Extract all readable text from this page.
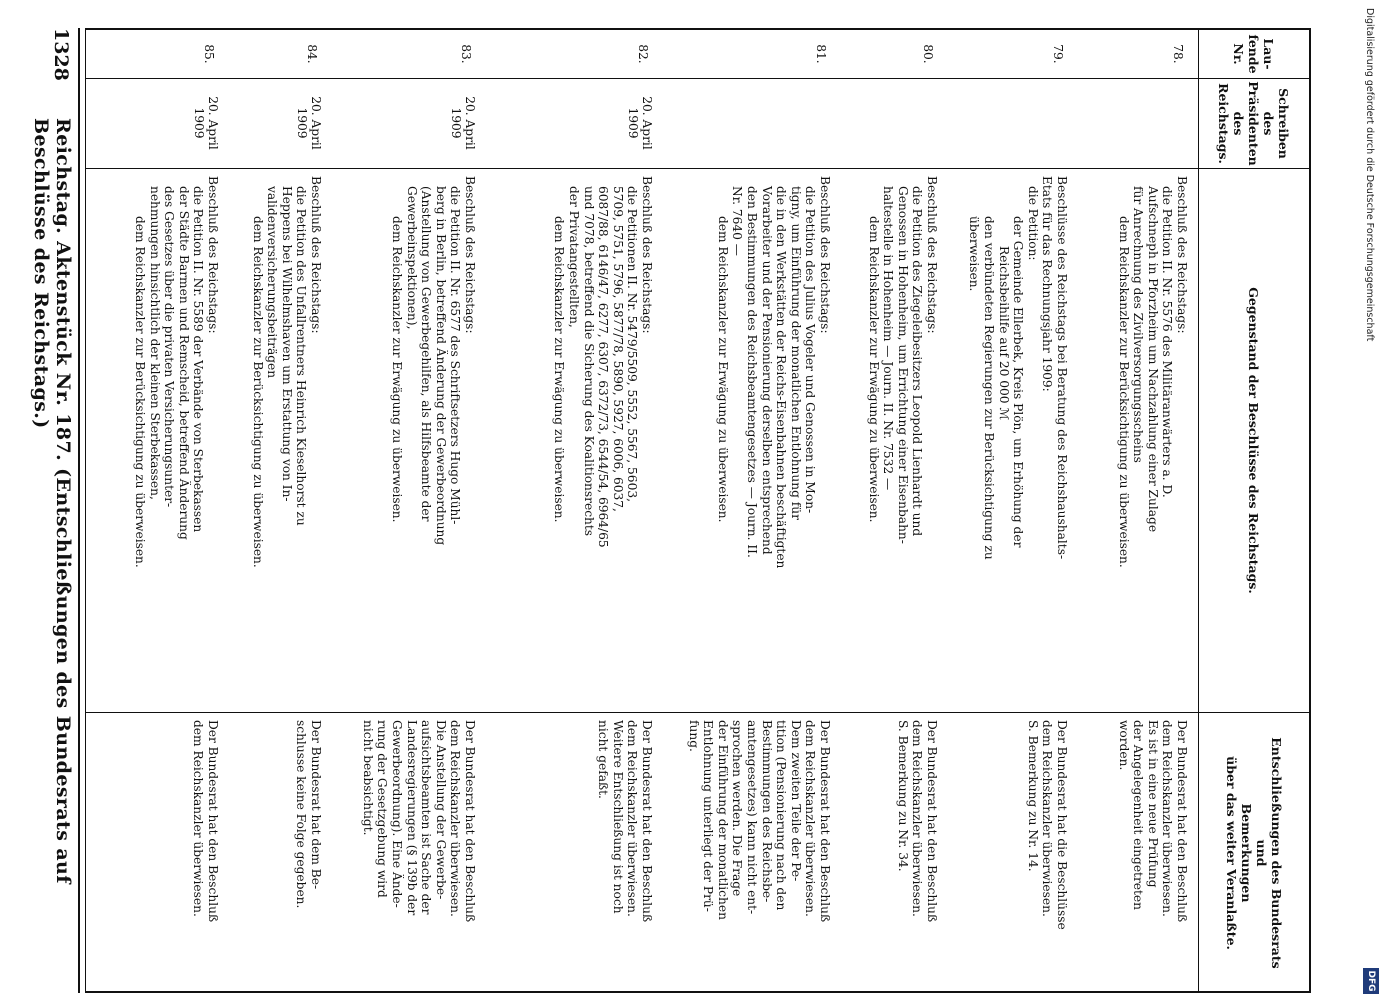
Digitalisierung gefördert durch die Deutsche Forschungsgemeinschaft
DFG
Lau-
fende
Nr.
Schreiben
des
Präsidenten
des
Reichstags.
Gegenstand der Beschlüsse des Reichstags.
Entschließungen des Bundesrats
und
Bemerkungen
über das weiter Veranlaßte.
78.
Beschluß des Reichstags:
die Petition II. Nr. 5576 des Militäranwärters a. D.
Aufschneph in Pforzheim um Nachzahlung einer Zulage
für Anrechnung des Zivilversorgungsscheins
dem Reichskanzler zur Berücksichtigung zu überweisen.
Der Bundesrat hat den Beschluß
dem Reichskanzler überwiesen.
Es ist in eine neue Prüfung
der Angelegenheit eingetreten
worden.
79.
Beschlüsse des Reichstags bei Beratung des Reichshaushalts-
Etats für das Rechnungsjahr 1909:
die Petition:
der Gemeinde Ellerbek, Kreis Plön, um Erhöhung der
Reichsbeihilfe auf 20 000 ℳ
den verbündeten Regierungen zur Berücksichtigung zu
überweisen.
Der Bundesrat hat die Beschlüsse
dem Reichskanzler überwiesen.
S. Bemerkung zu Nr. 14.
80.
Beschluß des Reichstags:
die Petition des Ziegeleibesitzers Leopold Lienhardt und
Genossen in Hohenheim, um Errichtung einer Eisenbahn-
haltestelle in Hohenheim — Journ. II. Nr. 7532 —
dem Reichskanzler zur Erwägung zu überweisen.
Der Bundesrat hat den Beschluß
dem Reichskanzler überwiesen.
S. Bemerkung zu Nr. 34.
81.
Beschluß des Reichstags:
die Petition des Julius Vogeler und Genossen in Mon-
tigny, um Einführung der monatlichen Entlohnung für
die in den Werkstätten der Reichs-Eisenbahnen beschäftigten
Vorarbeiter und der Pensionierung derselben entsprechend
den Bestimmungen des Reichsbeamtengesetzes — Journ. II.
Nr. 7640 —
dem Reichskanzler zur Erwägung zu überweisen.
Der Bundesrat hat den Beschluß
dem Reichskanzler überwiesen.
Dem zweiten Teile der Pe-
tition (Pensionierung nach den
Bestimmungen des Reichsbe-
amtengesetzes) kann nicht ent-
sprochen werden. Die Frage
der Einführung der monatlichen
Entlohnung unterliegt der Prü-
fung.
82.
20. April
1909
Beschluß des Reichstags:
die Petitionen II. Nr. 5479/5509, 5552, 5567, 5603,
5709, 5751, 5796, 5877/78, 5890, 5927, 6006, 6037,
6087/88, 6146/47, 6277, 6307, 6372/73, 6544/54, 6964/65
und 7078, betreffend die Sicherung des Koalitionsrechts
der Privatangestellten,
dem Reichskanzler zur Erwägung zu überweisen.
Der Bundesrat hat den Beschluß
dem Reichskanzler überwiesen.
Weitere Entschließung ist noch
nicht gefaßt.
83.
20. April
1909
Beschluß des Reichstags:
die Petition II. Nr. 6577 des Schriftsetzers Hugo Mühl-
berg in Berlin, betreffend Änderung der Gewerbeordnung
(Anstellung von Gewerbegehilfen, als Hilfsbeamte der
Gewerbeinspektionen),
dem Reichskanzler zur Erwägung zu überweisen.
Der Bundesrat hat den Beschluß
dem Reichskanzler überwiesen.
Die Anstellung der Gewerbe-
aufsichtsbeamten ist Sache der
Landesregierungen (§ 139b der
Gewerbeordnung). Eine Ände-
rung der Gesetzgebung wird
nicht beabsichtigt.
84.
20. April
1909
Beschluß des Reichstags:
die Petition des Unfallrentners Heinrich Kieselhorst zu
Heppens bei Wilhelmshaven um Erstattung von In-
validenversicherungsbeiträgen
dem Reichskanzler zur Berücksichtigung zu überweisen.
Der Bundesrat hat dem Be-
schlusse keine Folge gegeben.
85.
20. April
1909
Beschluß des Reichstags:
die Petition II. Nr. 5589 der Verbände von Sterbekassen
der Städte Barmen und Remscheid, betreffend Änderung
des Gesetzes über die privaten Versicherungsunter-
nehmungen hinsichtlich der kleinen Sterbekassen,
dem Reichskanzler zur Berücksichtigung zu überweisen.
Der Bundesrat hat den Beschluß
dem Reichskanzler überwiesen.
1328
Reichstag. Aktenstück Nr. 187. (Entschließungen des Bundesrats auf Beschlüsse des Reichstags.)
